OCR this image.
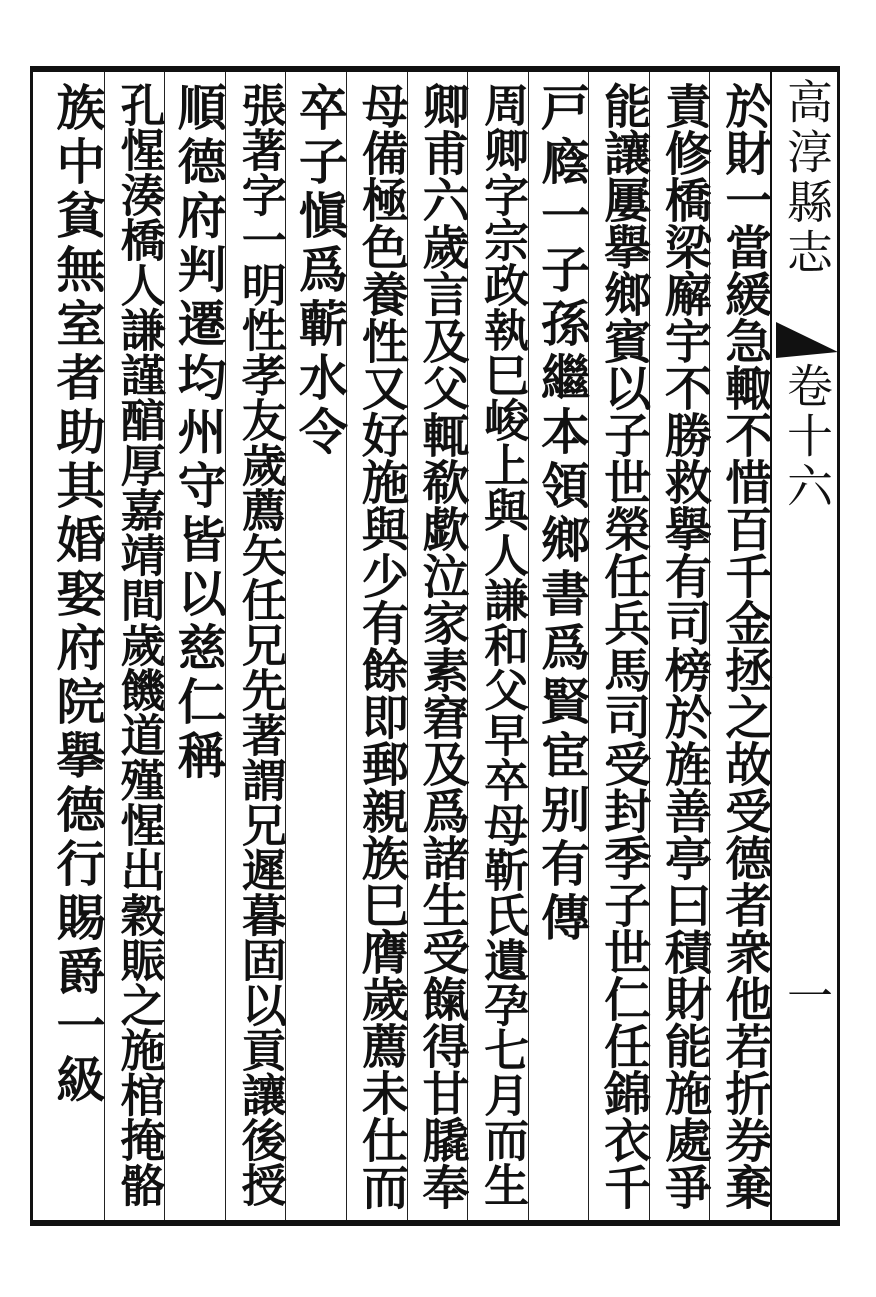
高淳縣志
卷十六
一
於財一當緩急輙不惜百千金拯之故受德者衆他若折券棄
責修橋梁廨宇不勝救擧有司榜於旌善亭曰積財能施處爭
能讓屢擧鄉賓以子世榮任兵馬司受封季子世仁任錦衣千
戸廕一子孫繼本領鄉書爲賢宦别有傳
周卿字宗政執巳峻上與人謙和父早卒母靳氏遺孕七月而生
卿甫六歲言及父輒欷歔泣家素窘及爲諸生受餼得甘膬奉
母備極色養性又好施與少有餘即郵親族巳膺歲薦未仕而
卒子愼爲蘄水令
張著字一明性孝友歲薦矢任兄先著謂兄遲暮固以貢讓後授
順德府判遷均州守皆以慈仁稱
孔惺湊橋人謙謹醕厚嘉靖間歲饑道殣惺出穀賑之施棺掩骼
族中貧無室者助其婚娶府院擧德行賜爵一級
